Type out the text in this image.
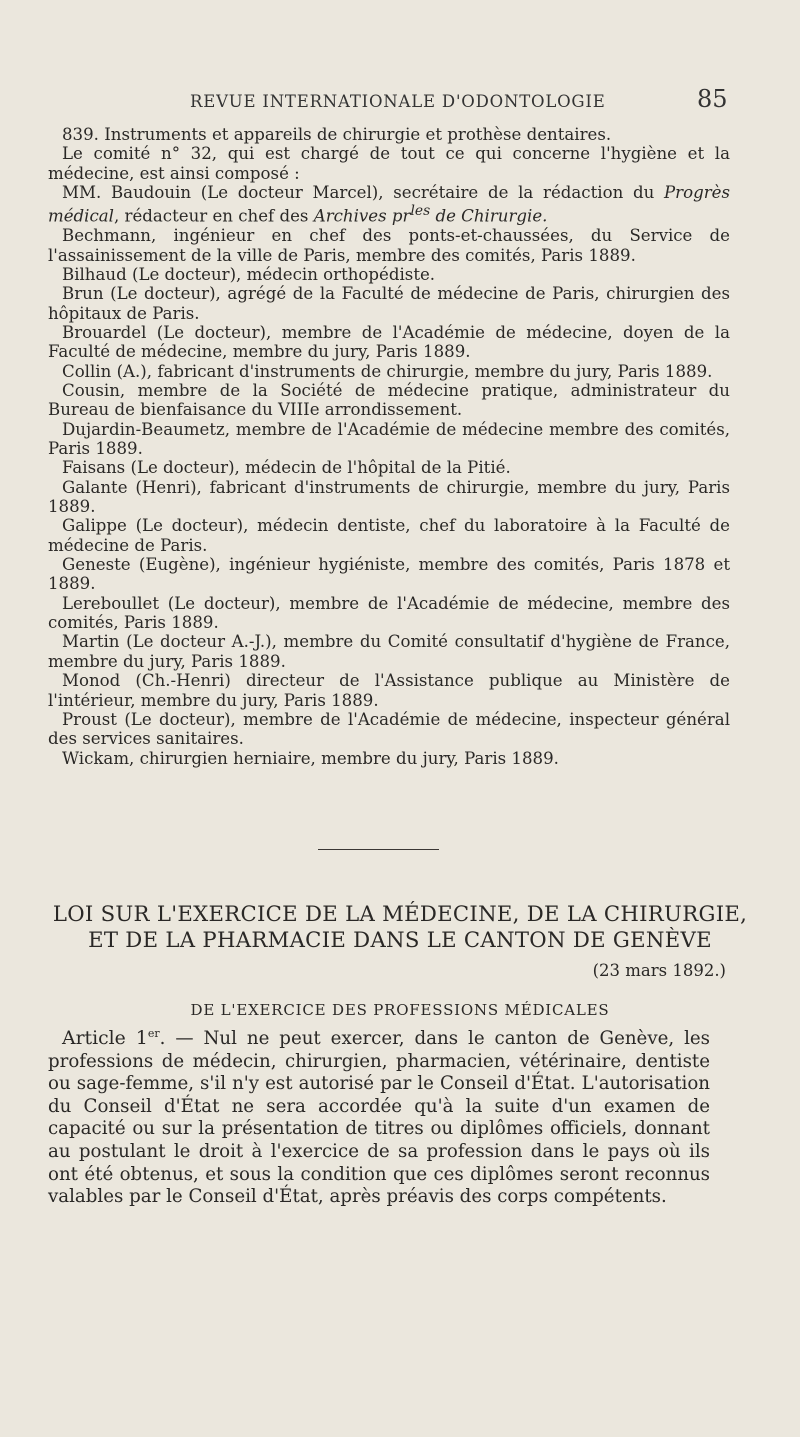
REVUE INTERNATIONALE D'ODONTOLOGIE	85

839. Instruments et appareils de chirurgie et prothèse dentaires.

Le comité n° 32, qui est chargé de tout ce qui concerne l'hygiène et la médecine, est ainsi composé :

MM. Baudouin (Le docteur Marcel), secrétaire de la rédaction du Progrès médical, rédacteur en chef des Archives $pr^{les}$ de Chirurgie.

Bechmann, ingénieur en chef des ponts-et-chaussées, du Service de l'assainissement de la ville de Paris, membre des comités, Paris 1889.

Bilhaud (Le docteur), médecin orthopédiste.

Brun (Le docteur), agrégé de la Faculté de médecine de Paris, chirurgien des hôpitaux de Paris.

Brouardel (Le docteur), membre de l'Académie de médecine, doyen de la Faculté de médecine, membre du jury, Paris 1889.

Collin (A.), fabricant d'instruments de chirurgie, membre du jury, Paris 1889.

Cousin, membre de la Société de médecine pratique, administrateur du Bureau de bienfaisance du VIIIe arrondissement.

Dujardin-Beaumetz, membre de l'Académie de médecine membre des comités, Paris 1889.

Faisans (Le docteur), médecin de l'hôpital de la Pitié.

Galante (Henri), fabricant d'instruments de chirurgie, membre du jury, Paris 1889.

Galippe (Le docteur), médecin dentiste, chef du laboratoire à la Faculté de médecine de Paris.

Geneste (Eugène), ingénieur hygiéniste, membre des comités, Paris 1878 et 1889.

Lereboullet (Le docteur), membre de l'Académie de médecine, membre des comités, Paris 1889.

Martin (Le docteur A.-J.), membre du Comité consultatif d'hygiène de France, membre du jury, Paris 1889.

Monod (Ch.-Henri) directeur de l'Assistance publique au Ministère de l'intérieur, membre du jury, Paris 1889.

Proust (Le docteur), membre de l'Académie de médecine, inspecteur général des services sanitaires.

Wickam, chirurgien herniaire, membre du jury, Paris 1889.

LOI SUR L'EXERCICE DE LA MÉDECINE, DE LA CHIRURGIE,
ET DE LA PHARMACIE DANS LE CANTON DE GENÈVE
(23 mars 1892.)
DE L'EXERCICE DES PROFESSIONS MÉDICALES
Article 1er. — Nul ne peut exercer, dans le canton de Genève, les professions de médecin, chirurgien, pharmacien, vétérinaire, dentiste ou sage-femme, s'il n'y est autorisé par le Conseil d'État. L'autorisation du Conseil d'État ne sera accordée qu'à la suite d'un examen de capacité ou sur la présentation de titres ou diplômes officiels, donnant au postulant le droit à l'exercice de sa profession dans le pays où ils ont été obtenus, et sous la condition que ces diplômes seront reconnus valables par le Conseil d'État, après préavis des corps compétents.
